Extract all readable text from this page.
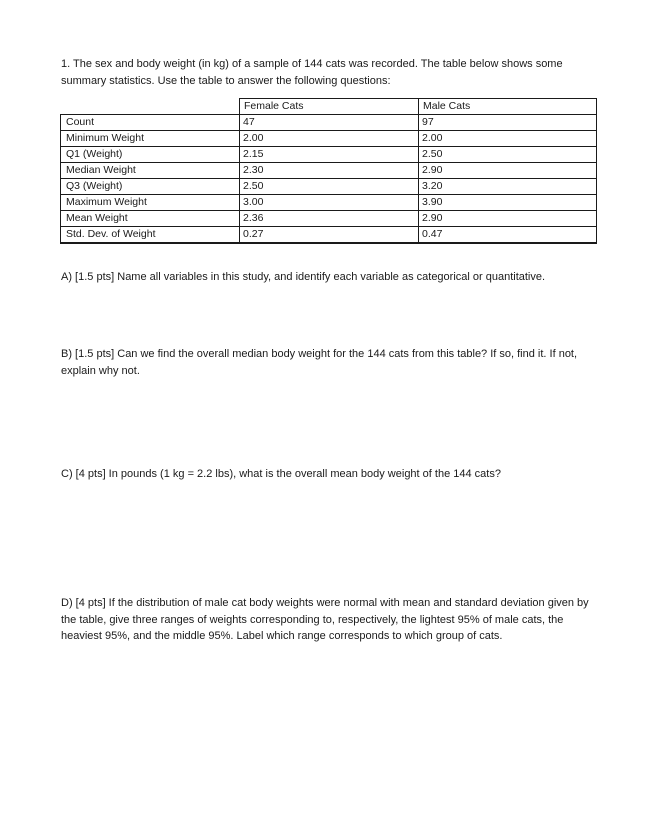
1. The sex and body weight (in kg) of a sample of 144 cats was recorded. The table below shows some summary statistics. Use the table to answer the following questions:

	Female Cats	Male Cats
Count	47	97
Minimum Weight	2.00	2.00
Q1 (Weight)	2.15	2.50
Median Weight	2.30	2.90
Q3 (Weight)	2.50	3.20
Maximum Weight	3.00	3.90
Mean Weight	2.36	2.90
Std. Dev. of Weight	0.27	0.47

A) [1.5 pts] Name all variables in this study, and identify each variable as categorical or quantitative.

B) [1.5 pts] Can we find the overall median body weight for the 144 cats from this table? If so, find it. If not, explain why not.

C) [4 pts] In pounds (1 kg = 2.2 lbs), what is the overall mean body weight of the 144 cats?

D) [4 pts] If the distribution of male cat body weights were normal with mean and standard deviation given by the table, give three ranges of weights corresponding to, respectively, the lightest 95% of male cats, the heaviest 95%, and the middle 95%. Label which range corresponds to which group of cats.
